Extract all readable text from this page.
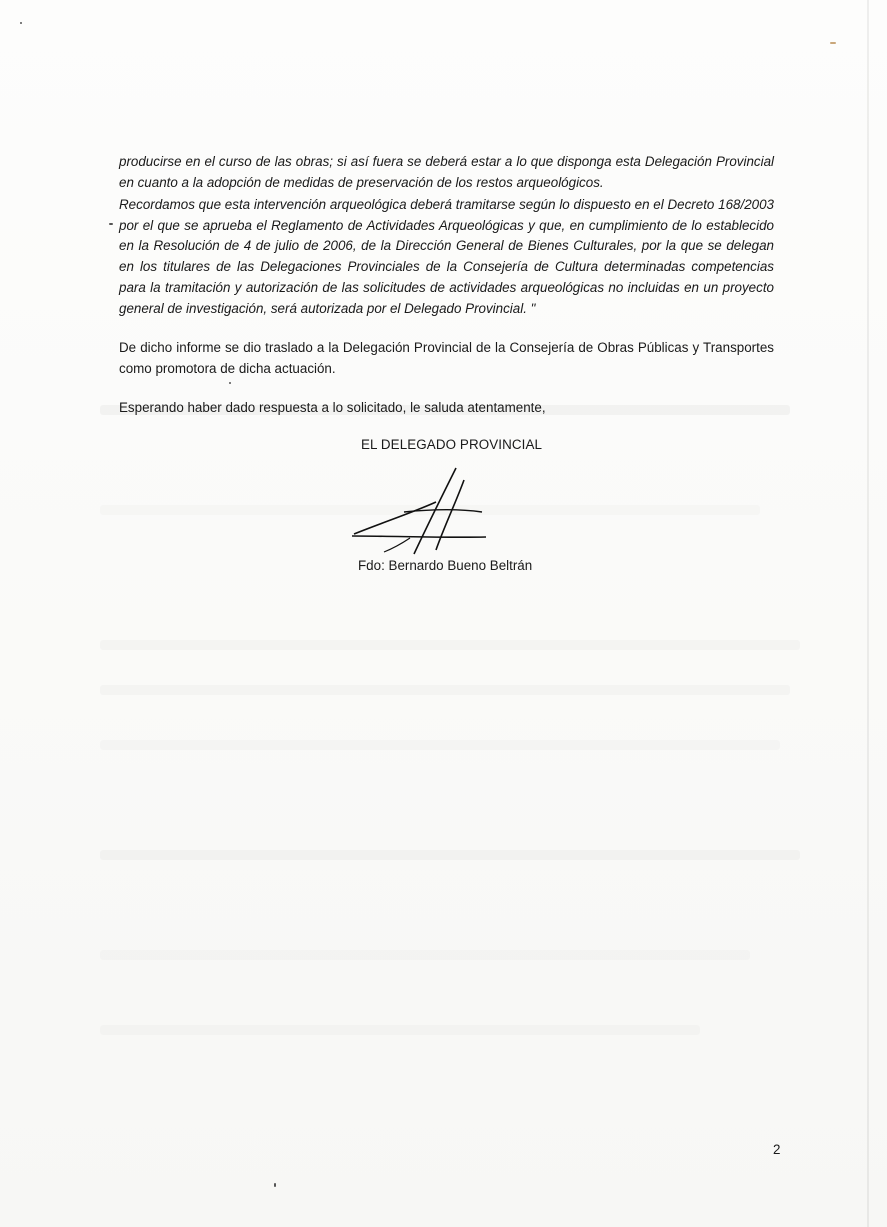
producirse en el curso de las obras; si así fuera se deberá estar a lo que disponga esta Delegación Provincial en cuanto a la adopción de medidas de preservación de los restos arqueológicos.

Recordamos que esta intervención arqueológica deberá tramitarse según lo dispuesto en el Decreto 168/2003 por el que se aprueba el Reglamento de Actividades Arqueológicas y que, en cumplimiento de lo establecido en la Resolución de 4 de julio de 2006, de la Dirección General de Bienes Culturales, por la que se delegan en los titulares de las Delegaciones Provinciales de la Consejería de Cultura determinadas competencias para la tramitación y autorización de las solicitudes de actividades arqueológicas no incluidas en un proyecto general de investigación, será autorizada por el Delegado Provincial. "

De dicho informe se dio traslado a la Delegación Provincial de la Consejería de Obras Públicas y Transportes como promotora de dicha actuación.

Esperando haber dado respuesta a lo solicitado, le saluda atentamente,

EL DELEGADO PROVINCIAL
Fdo: Bernardo Bueno Beltrán
2
